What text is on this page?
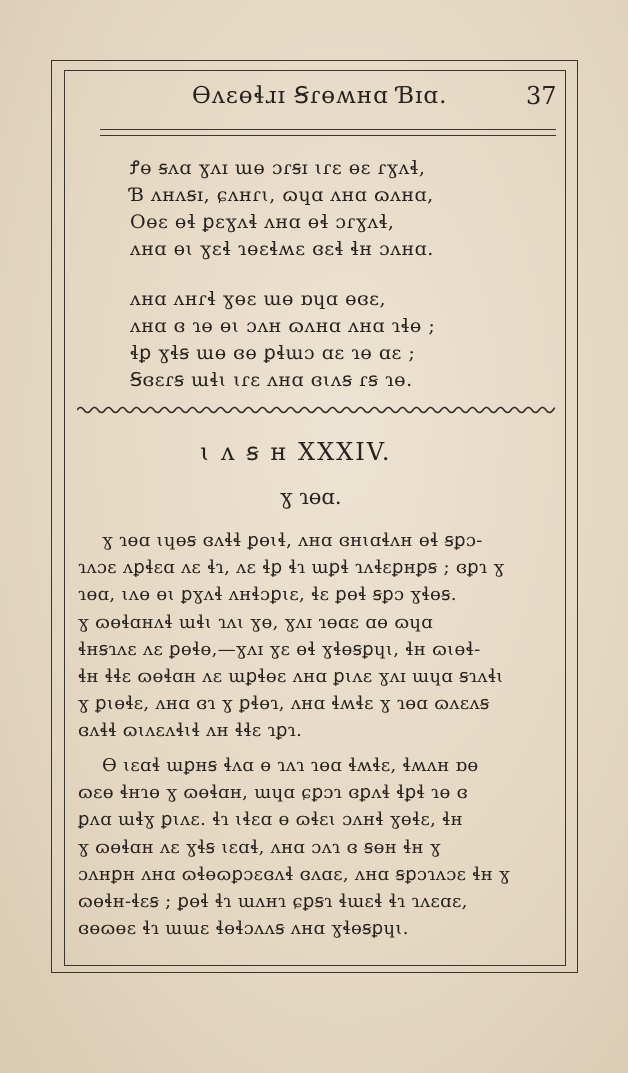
Ɵʌɛɵɬɹɪ Ꞩɾɵʍʜɑ Ɓɪɑ.	37
Ꝭɵ ꞩʌɑ ɣʌɪ ɯɵ ɔɾꞩɪ ɩɾɛ ɵɛ ɾɣʌɬ,
Ɓ ʌʜʌꞩɪ, ɕʌʜɾɩ, ɷɥɑ ʌʜɑ ɷʌʜɑ,
Oɵɛ ɵɬ ꝑɛɣʌɬ ʌʜɑ ɵɬ ɔɾɣʌɬ,
ʌʜɑ ɵɩ ɣɛɬ ɿɵɛɬʍɛ ɞɛɬ ɬʜ ɔʌʜɑ.
ʌʜɑ ʌʜɾɬ ɣɵɛ ɯɵ ɒɥɑ ɵɞɛ,
ʌʜɑ ɞ ɿɵ ɵɩ ɔʌʜ ɷʌʜɑ ʌʜɑ ɿɬɵ ;
ɬꝑ ɣɬꞩ ɯɵ ɞɵ ꝑɬɯɔ ɑɛ ɿɵ ɑɛ ;
Ꞩɞɛɾꞩ ɯɬɩ ɩɾɛ ʌʜɑ ɞɩʌꞩ ɾꞩ ɿɵ.
ɩ ʌ ꞩ ʜ XXXIV.
ɣ ɿɵɑ.
ɣ ɿɵɑ ɩɥɵꞩ ɞʌɬɬ ꝑɵɩɬ, ʌʜɑ ɞʜɩɑɬʌʜ ɵɬ ꞩꝑɔ-
ɿʌɔɛ ʌꝑɬɛɑ ʌɛ ɬɿ, ʌɛ ɬꝑ ɬɿ ɯꝑɬ ɿʌɬɛꝑʜꝑꞩ ; ɞꝑɿ ɣ
ɿɵɑ, ɩʌɵ ɵɩ ꝑɣʌɬ ʌʜɬɔꝑɩɛ, ɬɛ ꝑɵɬ ꞩꝑɔ ɣɬɵꞩ.
ɣ ɷɵɬɑʜʌɬ ɯɬɩ ɿʌɩ ɣɵ, ɣʌɪ ɿɵɑɛ ɑɵ ɷɥɑ
ɬʜꞩɿʌɛ ʌɛ ꝑɵɬɵ,—ɣʌɪ ɣɛ ɵɬ ɣɬɵꞩꝑɥɩ, ɬʜ ɷɩɵɬ-
ɬʜ ɬɬɛ ɷɵɬɑʜ ʌɛ ɯꝑɬɵɛ ʌʜɑ ꝑɩʌɛ ɣʌɪ ɯɥɑ ꞩɿʌɬɩ
ɣ ꝑɩɵɬɛ, ʌʜɑ ɞɿ ɣ ꝑɬɵɿ, ʌʜɑ ɬʍɬɛ ɣ ɿɵɑ ɷʌɛʌꞩ
ɞʌɬɬ ɷɩʌɛʌɬɩɬ ʌʜ ɬɬɛ ɿꝑɿ.
Ɵ ɩɛɑɬ ɯꝑʜꞩ ɬʌɑ ɵ ɿʌɿ ɿɵɑ ɬʍɬɛ, ɬʍʌʜ ɒɵ
ɷɛɵ ɬʜɿɵ ɣ ɷɵɬɑʜ, ɯɥɑ ɕꝑɔɿ ɞꝑʌɬ ɬꝑɬ ɿɵ ɞ
ꝑʌɑ ɯɬɣ ꝑɩʌɛ. ɬɿ ɩɬɛɑ ɵ ɷɬɛɩ ɔʌʜɬ ɣɵɬɛ, ɬʜ
ɣ ɷɵɬɑʜ ʌɛ ɣɬꞩ ɩɛɑɬ, ʌʜɑ ɔʌɿ ɞ ꞩɵʜ ɬʜ ɣ
ɔʌʜꝑʜ ʌʜɑ ɷɬɵɷꝑɔɛɞʌɬ ɞʌɑɛ, ʌʜɑ ꞩꝑɔɿʌɔɛ ɬʜ ɣ
ɷɵɬʜ-ɬɛꞩ ; ꝑɵɬ ɬɿ ɯʌʜɿ ɕꝑꞩɿ ɬɯɛɬ ɬɿ ɿʌɛɑɛ,
ɞɵɷɵɛ ɬɿ ɯɯɛ ɬɵɬɔʌʌꞩ ʌʜɑ ɣɬɵꞩꝑɥɩ.
